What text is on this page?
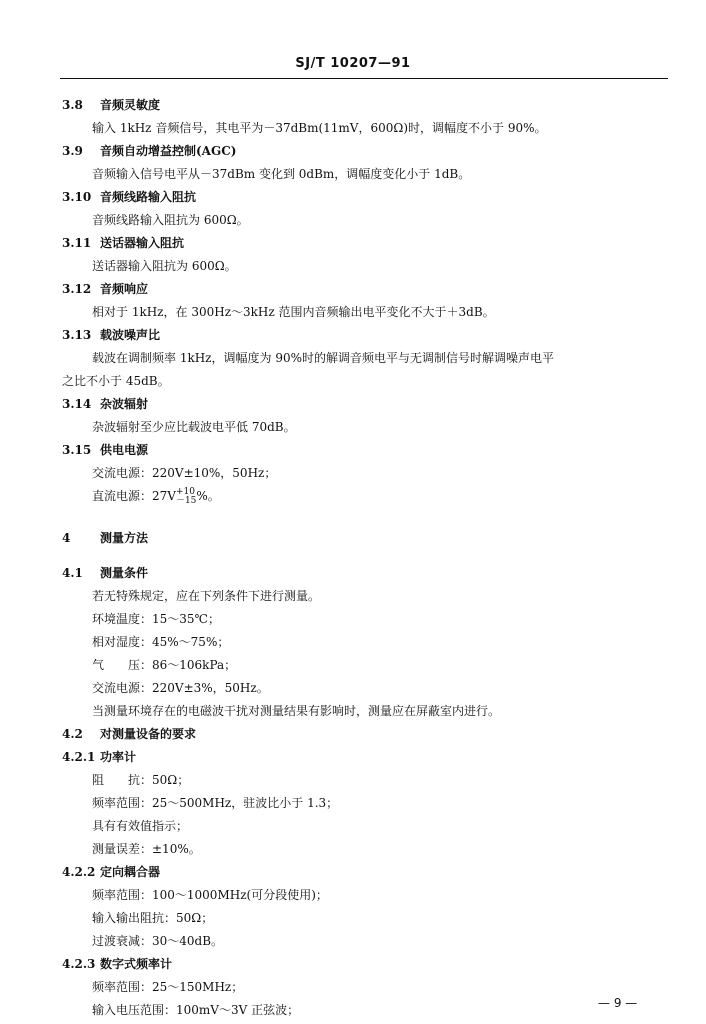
SJ/T 10207—91
3.8 音频灵敏度
输入 1kHz 音频信号，其电平为－37dBm(11mV，600Ω)时，调幅度不小于 90%。
3.9 音频自动增益控制(AGC)
音频输入信号电平从－37dBm 变化到 0dBm，调幅度变化小于 1dB。
3.10 音频线路输入阻抗
音频线路输入阻抗为 600Ω。
3.11 送话器输入阻抗
送话器输入阻抗为 600Ω。
3.12 音频响应
相对于 1kHz，在 300Hz～3kHz 范围内音频输出电平变化不大于＋3dB。
3.13 载波噪声比
载波在调制频率 1kHz，调幅度为 90%时的解调音频电平与无调制信号时解调噪声电平
之比不小于 45dB。
3.14 杂波辐射
杂波辐射至少应比载波电平低 70dB。
3.15 供电电源
交流电源：220V±10%，50Hz；
直流电源：27V +10
－15 %。
4 测量方法
4.1 测量条件
若无特殊规定，应在下列条件下进行测量。
环境温度：15～35℃；
相对湿度：45%～75%；
气　　压：86～106kPa；
交流电源：220V±3%，50Hz。
当测量环境存在的电磁波干扰对测量结果有影响时，测量应在屏蔽室内进行。
4.2 对测量设备的要求
4.2.1 功率计
阻　　抗：50Ω；
频率范围：25～500MHz，驻波比小于 1.3；
具有有效值指示；
测量误差：±10%。
4.2.2 定向耦合器
频率范围：100～1000MHz(可分段使用)；
输入输出阻抗：50Ω；
过渡衰减：30～40dB。
4.2.3 数字式频率计
频率范围：25～150MHz；
输入电压范围：100mV～3V 正弦波；	— 9 —
